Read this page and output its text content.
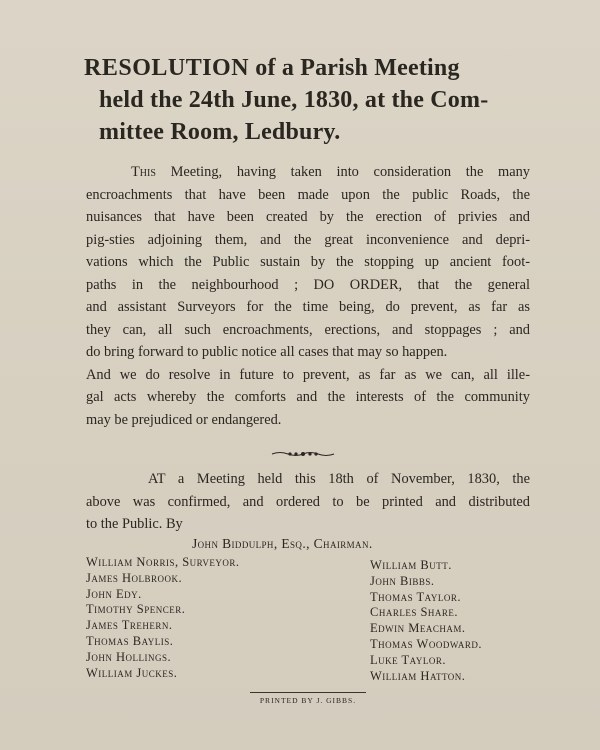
RESOLUTION of a Parish Meeting
held the 24th June, 1830, at the Com-
mittee Room, Ledbury.
This Meeting, having taken into consideration the many
encroachments that have been made upon the public Roads, the
nuisances that have been created by the erection of privies and
pig-sties adjoining them, and the great inconvenience and depri-
vations which the Public sustain by the stopping up ancient foot-
paths in the neighbourhood ; DO ORDER, that the general
and assistant Surveyors for the time being, do prevent, as far as
they can, all such encroachments, erections, and stoppages ; and
do bring forward to public notice all cases that may so happen.
And we do resolve in future to prevent, as far as we can, all ille-
gal acts whereby the comforts and the interests of the community
may be prejudiced or endangered.
AT a Meeting held this 18th of November, 1830, the
above was confirmed, and ordered to be printed and distributed
to the Public. By
John Biddulph, Esq., Chairman.
William Norris, Surveyor.
James Holbrook.
John Edy.
Timothy Spencer.
James Trehern.
Thomas Baylis.
John Hollings.
William Juckes.
William Butt.
John Bibbs.
Thomas Taylor.
Charles Share.
Edwin Meacham.
Thomas Woodward.
Luke Taylor.
William Hatton.
PRINTED BY J. GIBBS.
